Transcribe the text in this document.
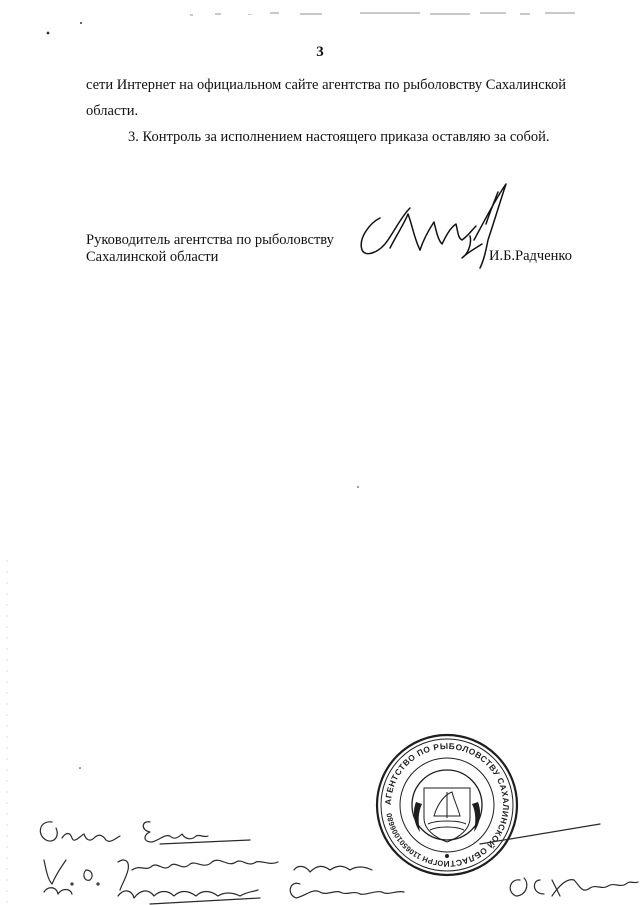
3
сети Интернет на официальном сайте агентства по рыболовству Сахалинской
области.
3. Контроль за исполнением настоящего приказа оставляю за собой.
Руководитель агентства по рыболовству
Сахалинской области	И.Б.Радченко
АГЕНТСТВО ПО РЫБОЛОВСТВУ САХАЛИНСКОЙ ОБЛАСТИ
ОГРН 1106501006680
